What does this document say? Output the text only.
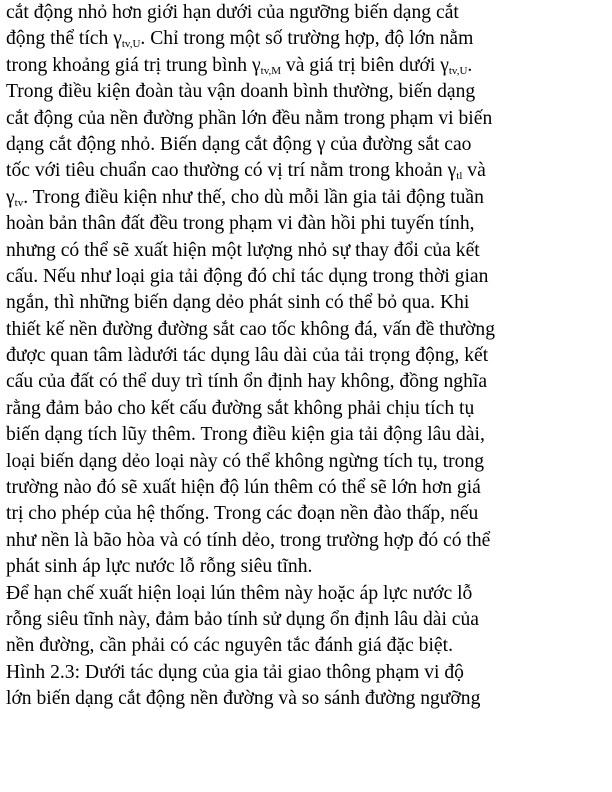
cắt động nhỏ hơn giới hạn dưới của ngưỡng biến dạng cắt
động thể tích $\gamma_{tv,U}$. Chỉ trong một số trường hợp, độ lớn nằm
trong khoảng giá trị trung bình $\gamma_{tv,M}$ và giá trị biên dưới $\gamma_{tv,U}$.
Trong điều kiện đoàn tàu vận doanh bình thường, biến dạng
cắt động của nền đường phần lớn đều nằm trong phạm vi biến
dạng cắt động nhỏ. Biến dạng cắt động γ của đường sắt cao
tốc với tiêu chuẩn cao thường có vị trí nằm trong khoản $\gamma_{tl}$ và
$\gamma_{tv}$. Trong điều kiện như thế, cho dù mỗi lần gia tải động tuần
hoàn bản thân đất đều trong phạm vi đàn hồi phi tuyến tính,
nhưng có thể sẽ xuất hiện một lượng nhỏ sự thay đổi của kết
cấu. Nếu như loại gia tải động đó chỉ tác dụng trong thời gian
ngắn, thì những biến dạng dẻo phát sinh có thể bỏ qua. Khi
thiết kế nền đường đường sắt cao tốc không đá, vấn đề thường
được quan tâm làdưới tác dụng lâu dài của tải trọng động, kết
cấu của đất có thể duy trì tính ổn định hay không, đồng nghĩa
rằng đảm bảo cho kết cấu đường sắt không phải chịu tích tụ
biến dạng tích lũy thêm. Trong điều kiện gia tải động lâu dài,
loại biến dạng dẻo loại này có thể không ngừng tích tụ, trong
trường nào đó sẽ xuất hiện độ lún thêm có thể sẽ lớn hơn giá
trị cho phép của hệ thống. Trong các đoạn nền đào thấp, nếu
như nền là bão hòa và có tính dẻo, trong trường hợp đó có thể
phát sinh áp lực nước lỗ rỗng siêu tĩnh.
Để hạn chế xuất hiện loại lún thêm này hoặc áp lực nước lỗ
rỗng siêu tĩnh này, đảm bảo tính sử dụng ổn định lâu dài của
nền đường, cần phải có các nguyên tắc đánh giá đặc biệt.
Hình 2.3: Dưới tác dụng của gia tải giao thông phạm vi độ
lớn biến dạng cắt động nền đường và so sánh đường ngưỡng
